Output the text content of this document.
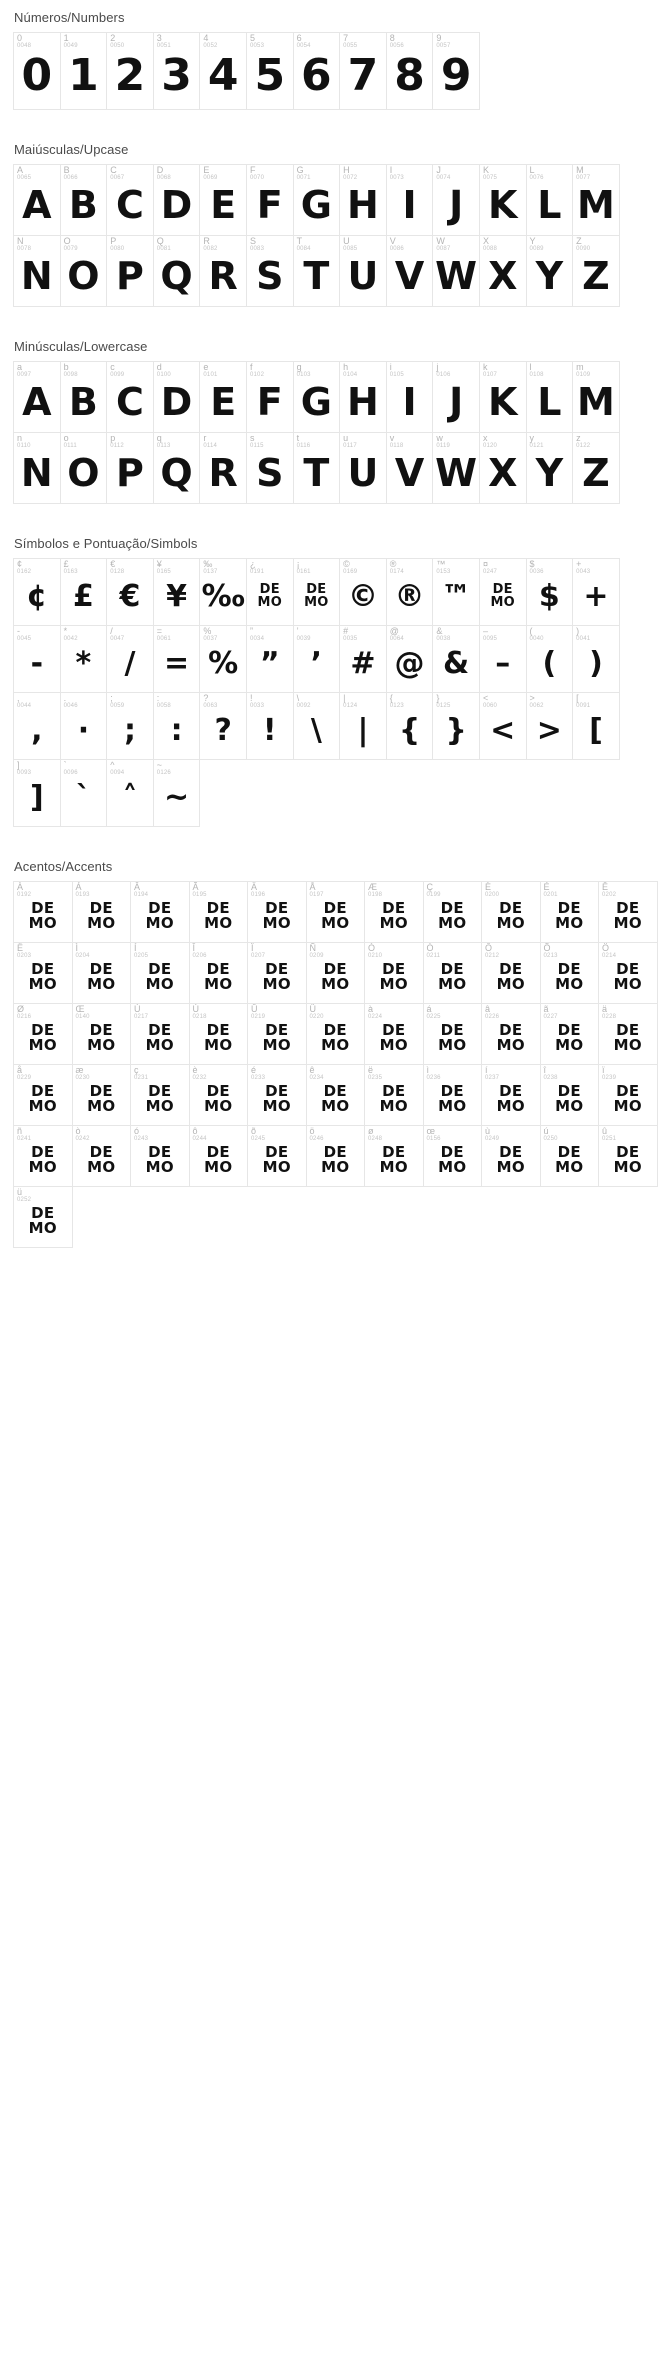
Números/Numbers
0
0048
0
1
0049
1
2
0050
2
3
0051
3
4
0052
4
5
0053
5
6
0054
6
7
0055
7
8
0056
8
9
0057
9
Maiúsculas/Upcase
A
0065
A
B
0066
B
C
0067
C
D
0068
D
E
0069
E
F
0070
F
G
0071
G
H
0072
H
I
0073
I
J
0074
J
K
0075
K
L
0076
L
M
0077
M
N
0078
N
O
0079
O
P
0080
P
Q
0081
Q
R
0082
R
S
0083
S
T
0084
T
U
0085
U
V
0086
V
W
0087
W
X
0088
X
Y
0089
Y
Z
0090
Z
Minúsculas/Lowercase
a
0097
A
b
0098
B
c
0099
C
d
0100
D
e
0101
E
f
0102
F
g
0103
G
h
0104
H
i
0105
I
j
0106
J
k
0107
K
l
0108
L
m
0109
M
n
0110
N
o
0111
O
p
0112
P
q
0113
Q
r
0114
R
s
0115
S
t
0116
T
u
0117
U
v
0118
V
w
0119
W
x
0120
X
y
0121
Y
z
0122
Z
Símbolos e Pontuação/Simbols
¢
0162
¢
£
0163
£
€
0128
€
¥
0165
¥
‰
0137
‰
¿
0191
DE
MO
¡
0161
DE
MO
©
0169
©
®
0174
®
™
0153
™
¤
0247
DE
MO
$
0036
$
+
0043
+
-
0045
-
*
0042
*
/
0047
/
=
0061
=
%
0037
%
”
0034
”
’
0039
’
#
0035
#
@
0064
@
&
0038
&
–
0095
–
(
0040
(
)
0041
)
,
0044
,
.
0046
·
;
0059
;
:
0058
:
?
0063
?
!
0033
!
\
0092
\
|
0124
|
{
0123
{
}
0125
}
<
0060
<
>
0062
>
[
0091
[
]
0093
]
`
0096
ˋ
^
0094
˄
~
0126
~
Acentos/Accents
À
0192
DE
MO
Á
0193
DE
MO
Â
0194
DE
MO
Ã
0195
DE
MO
Ä
0196
DE
MO
Å
0197
DE
MO
Æ
0198
DE
MO
Ç
0199
DE
MO
È
0200
DE
MO
É
0201
DE
MO
Ê
0202
DE
MO
Ë
0203
DE
MO
Ì
0204
DE
MO
Í
0205
DE
MO
Î
0206
DE
MO
Ï
0207
DE
MO
Ñ
0209
DE
MO
Ò
0210
DE
MO
Ó
0211
DE
MO
Ô
0212
DE
MO
Õ
0213
DE
MO
Ö
0214
DE
MO
Ø
0216
DE
MO
Œ
0140
DE
MO
Ù
0217
DE
MO
Ú
0218
DE
MO
Û
0219
DE
MO
Ü
0220
DE
MO
à
0224
DE
MO
á
0225
DE
MO
â
0226
DE
MO
ã
0227
DE
MO
ä
0228
DE
MO
å
0229
DE
MO
æ
0230
DE
MO
ç
0231
DE
MO
è
0232
DE
MO
é
0233
DE
MO
ê
0234
DE
MO
ë
0235
DE
MO
ì
0236
DE
MO
í
0237
DE
MO
î
0238
DE
MO
ï
0239
DE
MO
ñ
0241
DE
MO
ò
0242
DE
MO
ó
0243
DE
MO
ô
0244
DE
MO
õ
0245
DE
MO
ö
0246
DE
MO
ø
0248
DE
MO
œ
0156
DE
MO
ù
0249
DE
MO
ú
0250
DE
MO
û
0251
DE
MO
ü
0252
DE
MO
